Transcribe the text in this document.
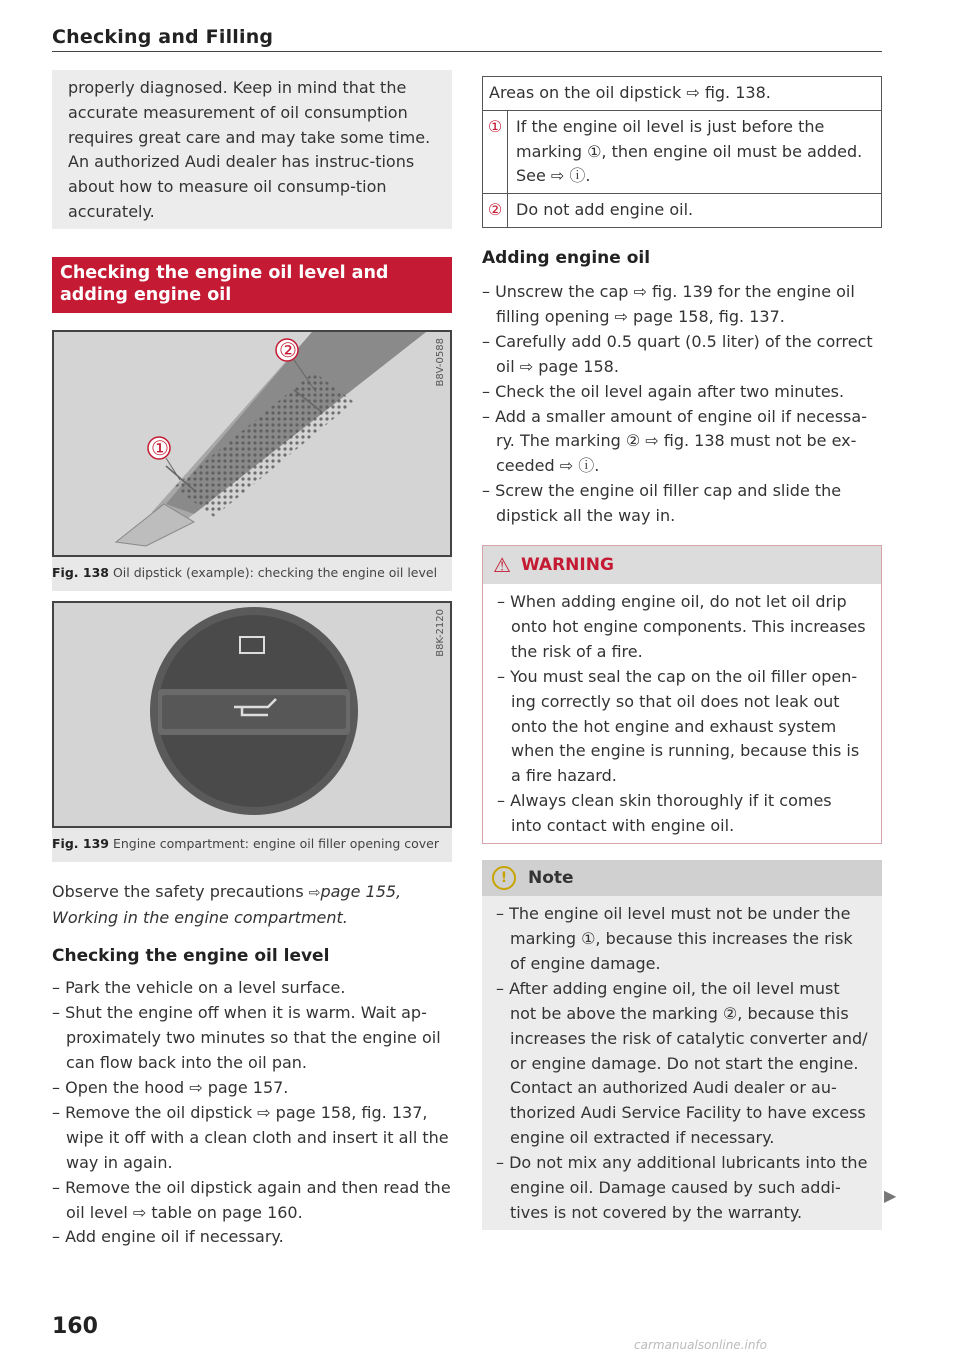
Checking and Filling

properly diagnosed. Keep in mind that the accurate measurement of oil consumption requires great care and may take some time. An authorized Audi dealer has instruc-tions about how to measure oil consump-tion accurately.

Checking the engine oil level and adding engine oil
②
①
B8V-0588
Fig. 138 Oil dipstick (example): checking the engine oil level
B8K-2120
Fig. 139 Engine compartment: engine oil filler opening cover

Observe the safety precautions ⇨page 155, Working in the engine compartment.

Checking the engine oil level
– Park the vehicle on a level surface.
– Shut the engine off when it is warm. Wait ap-proximately two minutes so that the engine oil can flow back into the oil pan.
– Open the hood ⇨ page 157.
– Remove the oil dipstick ⇨ page 158, fig. 137, wipe it off with a clean cloth and insert it all the way in again.
– Remove the oil dipstick again and then read the oil level ⇨ table on page 160.
– Add engine oil if necessary.
160
Areas on the oil dipstick ⇨ fig. 138.	
①	If the engine oil level is just before the marking ①, then engine oil must be added. See ⇨ ⓘ.
②	Do not add engine oil.
Adding engine oil
– Unscrew the cap ⇨ fig. 139 for the engine oil filling opening ⇨ page 158, fig. 137.
– Carefully add 0.5 quart (0.5 liter) of the correct oil ⇨ page 158.
– Check the oil level again after two minutes.
– Add a smaller amount of engine oil if necessa-ry. The marking ② ⇨ fig. 138 must not be ex-ceeded ⇨ ⓘ.
– Screw the engine oil filler cap and slide the dipstick all the way in.
⚠ WARNING
– When adding engine oil, do not let oil drip onto hot engine components. This increases the risk of a fire.
– You must seal the cap on the oil filler open-ing correctly so that oil does not leak out onto the hot engine and exhaust system when the engine is running, because this is a fire hazard.
– Always clean skin thoroughly if it comes into contact with engine oil.
!	Note
– The engine oil level must not be under the marking ①, because this increases the risk of engine damage.
– After adding engine oil, the oil level must not be above the marking ②, because this increases the risk of catalytic converter and/ or engine damage. Do not start the engine. Contact an authorized Audi dealer or au-thorized Audi Service Facility to have excess engine oil extracted if necessary.
– Do not mix any additional lubricants into the engine oil. Damage caused by such addi-tives is not covered by the warranty.
▶
carmanualsonline.info
